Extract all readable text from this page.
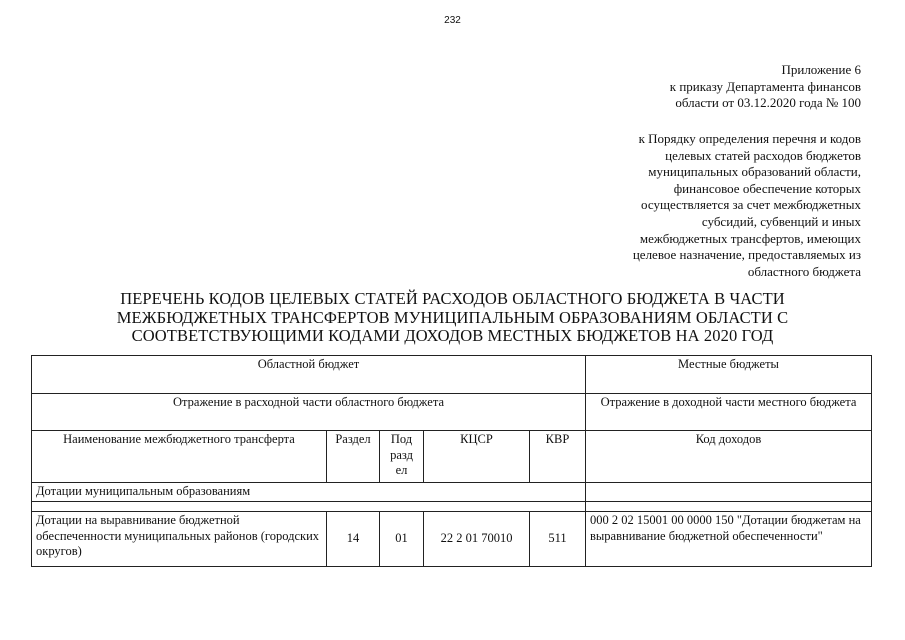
232
Приложение 6
к приказу Департамента финансов
области от 03.12.2020 года № 100
к Порядку определения перечня и кодов
целевых статей расходов бюджетов
муниципальных образований области,
финансовое обеспечение которых
осуществляется за счет межбюджетных
субсидий, субвенций и иных
межбюджетных трансфертов, имеющих
целевое назначение, предоставляемых из
областного бюджета
ПЕРЕЧЕНЬ КОДОВ ЦЕЛЕВЫХ СТАТЕЙ РАСХОДОВ ОБЛАСТНОГО БЮДЖЕТА В ЧАСТИ
МЕЖБЮДЖЕТНЫХ ТРАНСФЕРТОВ МУНИЦИПАЛЬНЫМ ОБРАЗОВАНИЯМ ОБЛАСТИ С
СООТВЕТСТВУЮЩИМИ КОДАМИ ДОХОДОВ МЕСТНЫХ БЮДЖЕТОВ НА 2020 ГОД
Областной бюджет					Местные бюджеты
Отражение в расходной части областного бюджета					Отражение в доходной части местного бюджета
Наименование межбюджетного трансферта	Раздел	Под разд ел	КЦСР	КВР	Код доходов
Дотации муниципальным образованиям					

Дотации на выравнивание бюджетной обеспеченности муниципальных районов (городских округов)	14	01	22 2 01 70010	511	000 2 02 15001 00 0000 150 "Дотации бюджетам на выравнивание бюджетной обеспеченности"
